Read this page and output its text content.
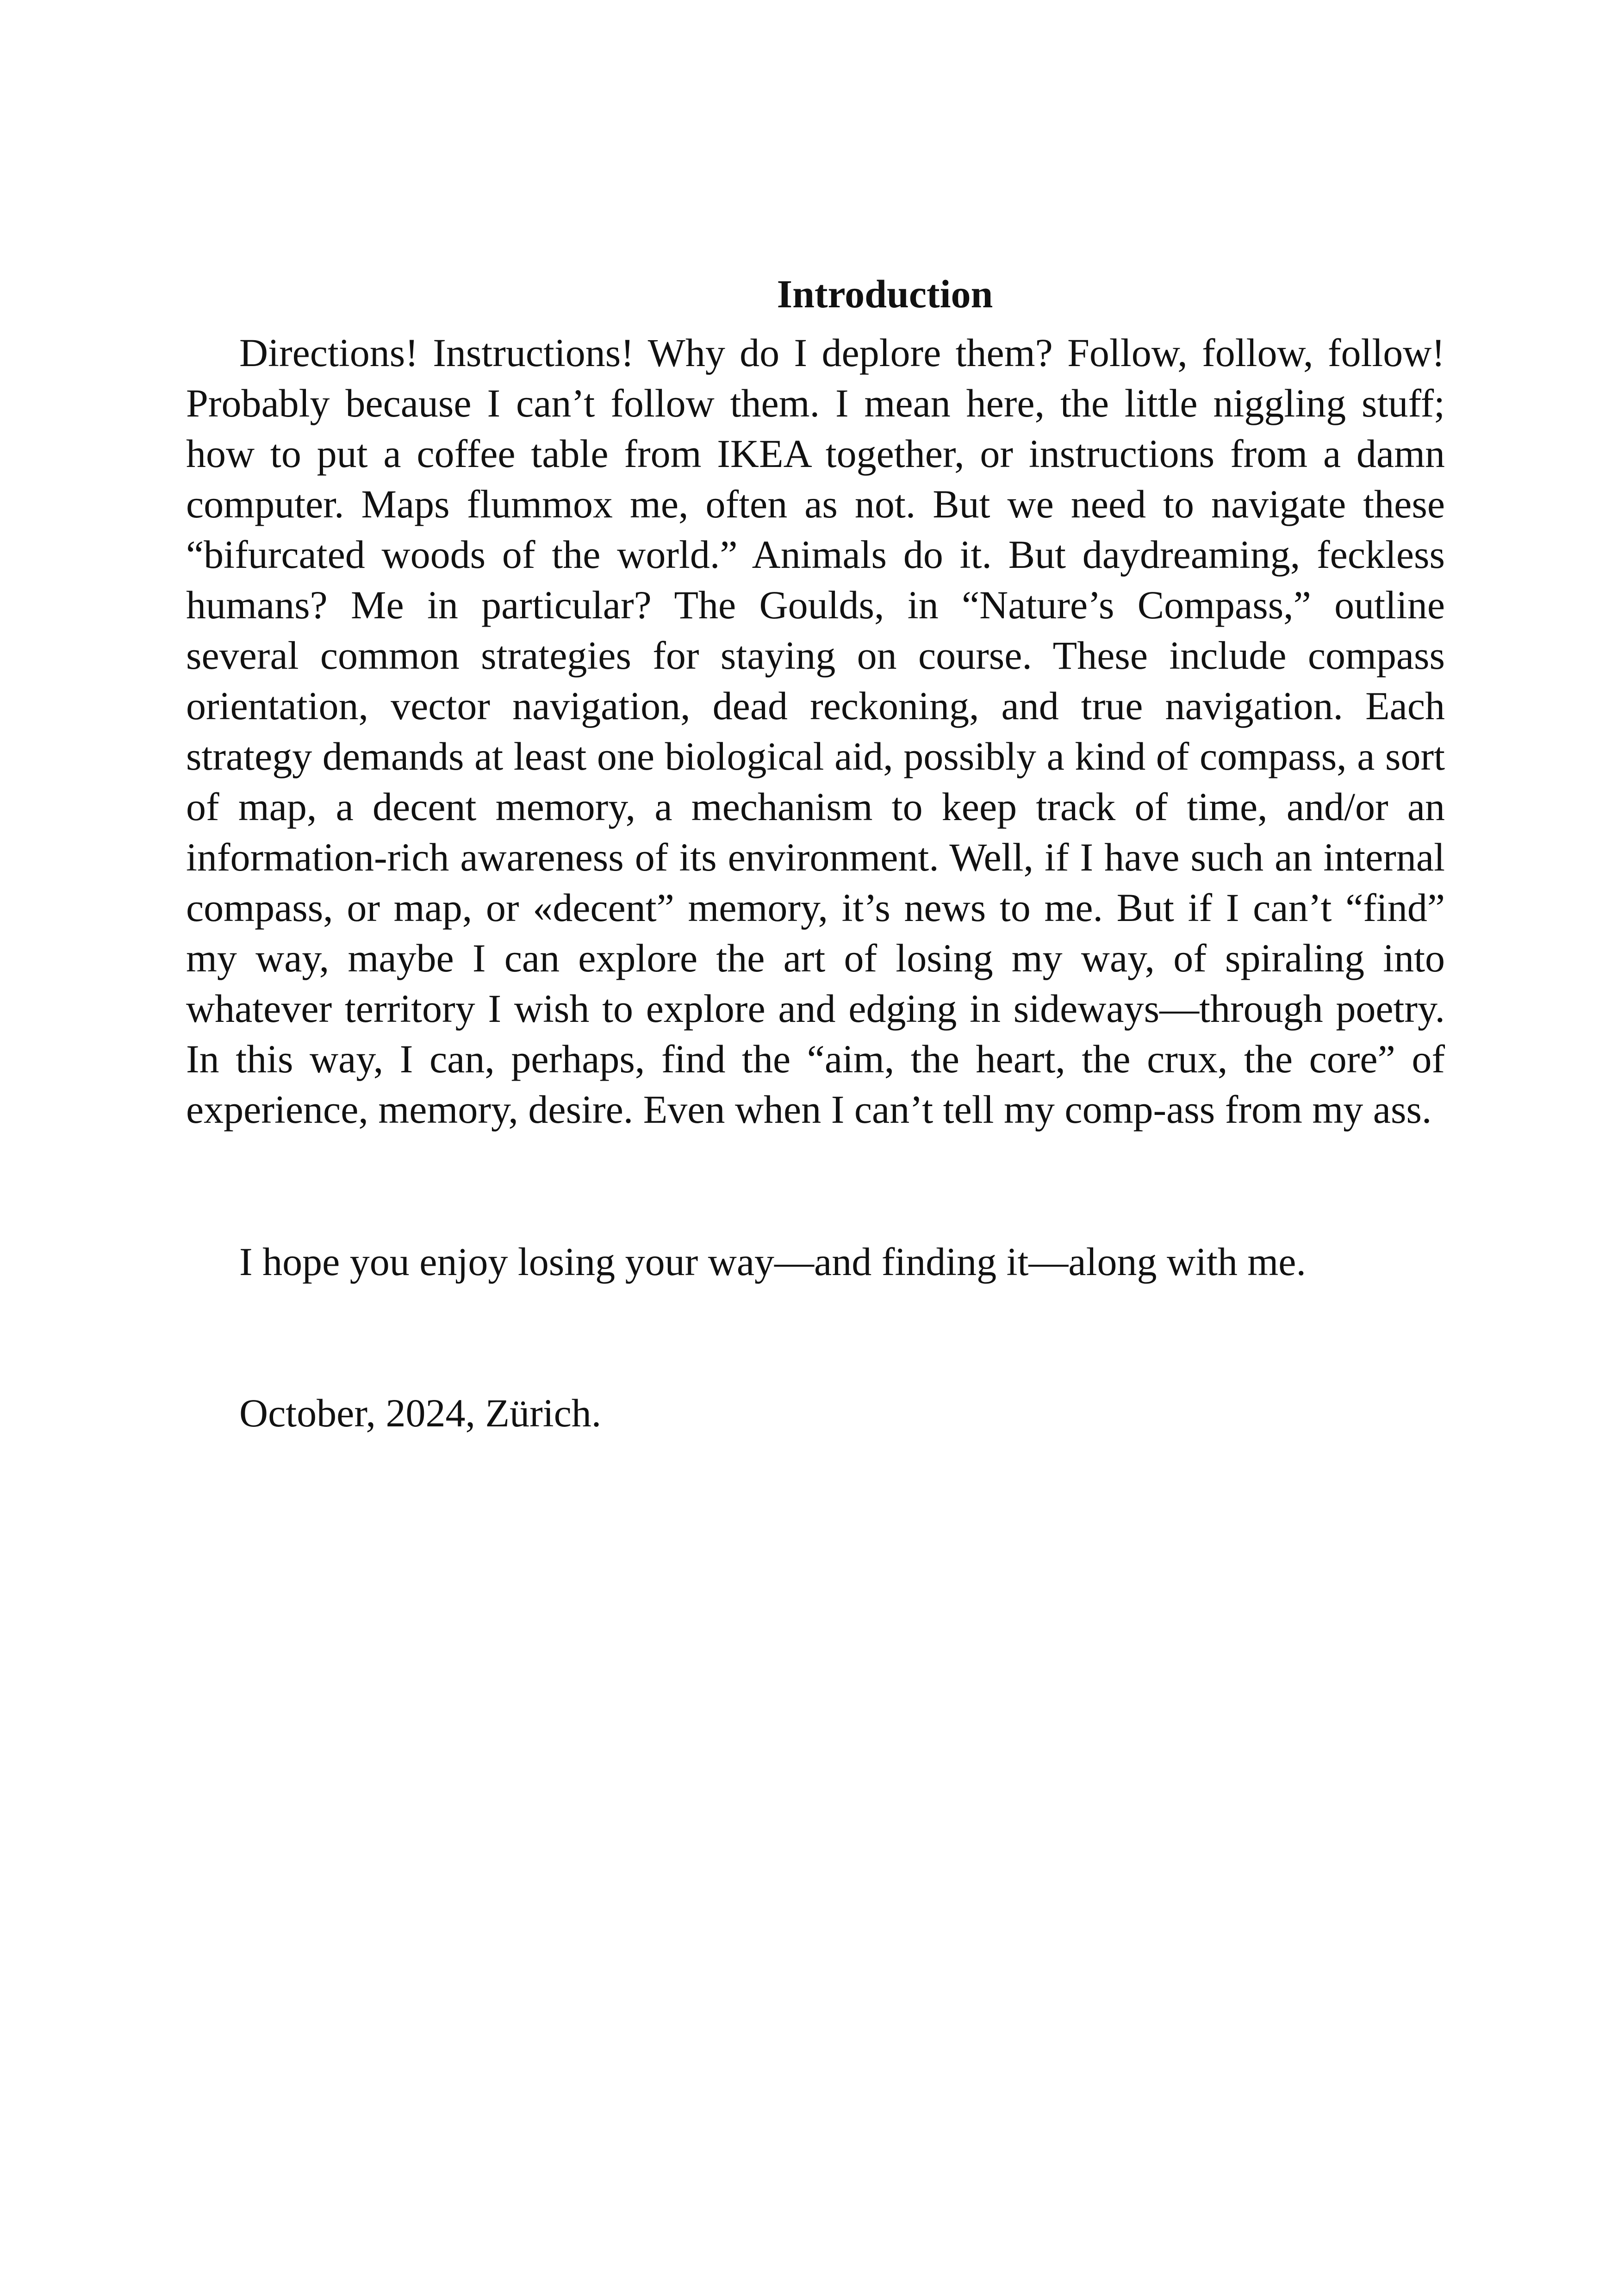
Introduction

Directions! Instructions! Why do I deplore them? Follow, follow, follow! Probably because I can’t follow them. I mean here, the little niggling stuff; how to put a coffee table from IKEA together, or instructions from a damn computer. Maps flummox me, often as not. But we need to navigate these “bifurcated woods of the world.” Animals do it. But daydreaming, feckless humans? Me in particular? The Goulds, in “Nature’s Compass,” outline several common strategies for staying on course. These include compass orientation, vector navigation, dead reckoning, and true navigation. Each strategy demands at least one biological aid, possibly a kind of compass, a sort of map, a decent memory, a mechanism to keep track of time, and/or an information-rich awareness of its environment. Well, if I have such an internal compass, or map, or «decent” memory, it’s news to me. But if I can’t “find” my way, maybe I can explore the art of losing my way, of spiraling into whatever territory I wish to explore and edging in sideways—through poetry. In this way, I can, perhaps, find the “aim, the heart, the crux, the core” of experience, memory, desire. Even when I can’t tell my comp-ass from my ass.

I hope you enjoy losing your way—and finding it—along with me.

October, 2024, Zürich.
